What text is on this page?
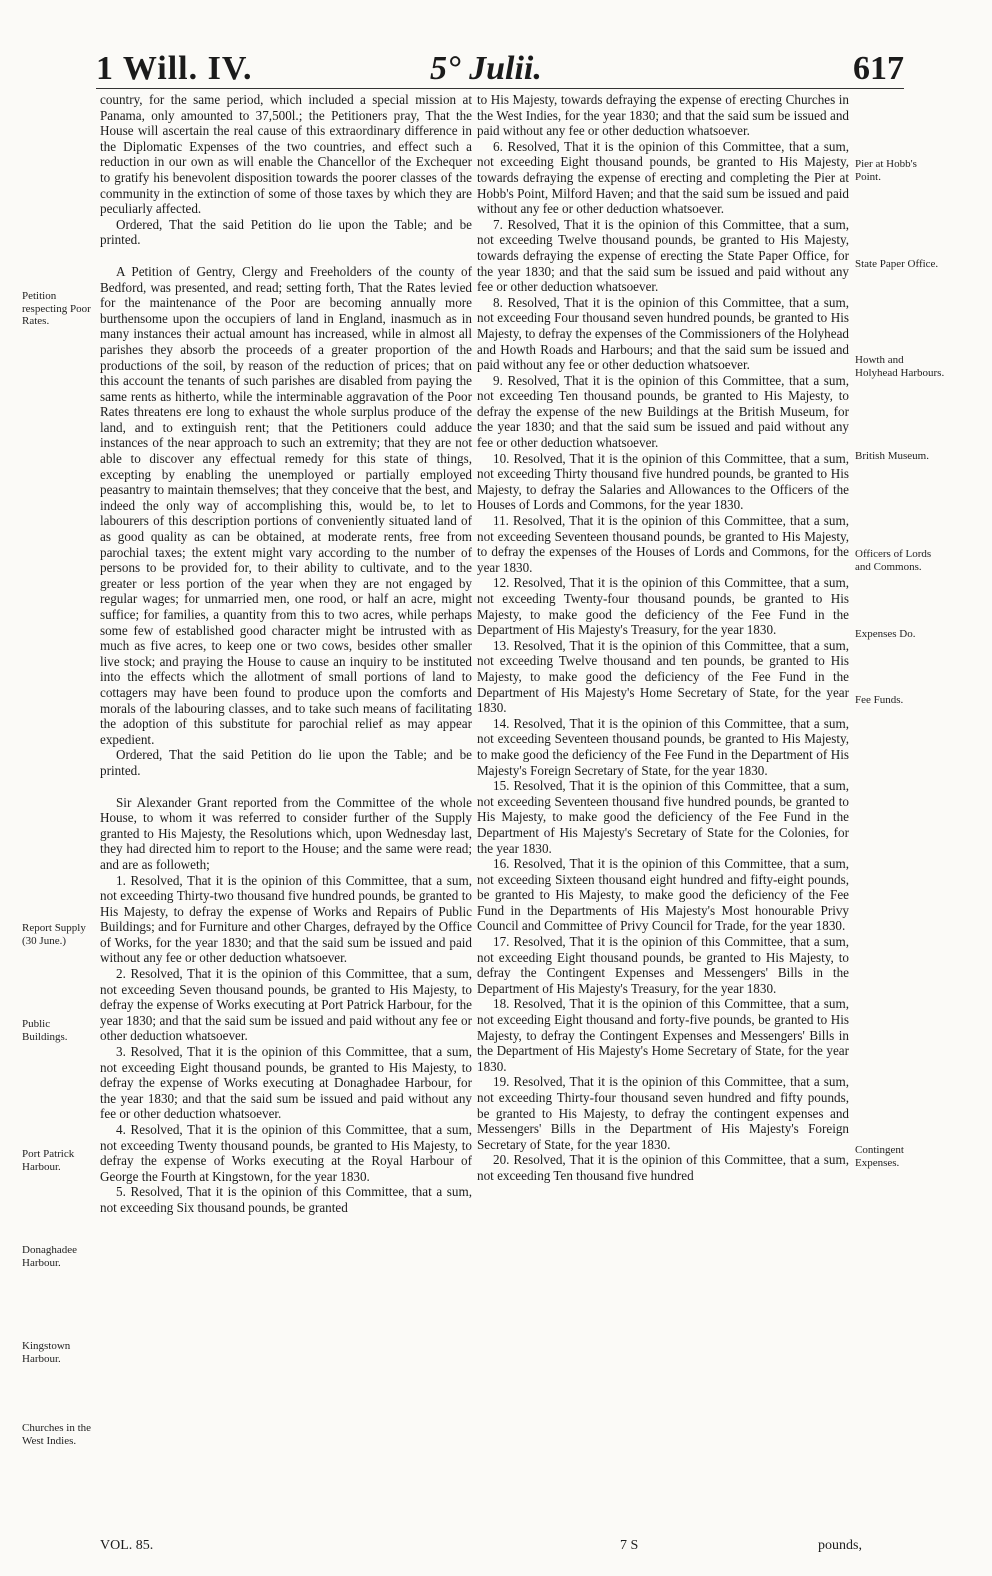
1 Will. IV.	5° Julii.	617

country, for the same period, which included a special mission at Panama, only amounted to 37,500l.; the Petitioners pray, That the House will ascertain the real cause of this extraordinary difference in the Diplomatic Expenses of the two countries, and effect such a reduction in our own as will enable the Chancellor of the Exchequer to gratify his benevolent disposition towards the poorer classes of the community in the extinction of some of those taxes by which they are peculiarly affected.

Ordered, That the said Petition do lie upon the Table; and be printed.

A Petition of Gentry, Clergy and Freeholders of the county of Bedford, was presented, and read; setting forth, That the Rates levied for the maintenance of the Poor are becoming annually more burthensome upon the occupiers of land in England, inasmuch as in many instances their actual amount has increased, while in almost all parishes they absorb the proceeds of a greater proportion of the productions of the soil, by reason of the reduction of prices; that on this account the tenants of such parishes are disabled from paying the same rents as hitherto, while the interminable aggravation of the Poor Rates threatens ere long to exhaust the whole surplus produce of the land, and to extinguish rent; that the Petitioners could adduce instances of the near approach to such an extremity; that they are not able to discover any effectual remedy for this state of things, excepting by enabling the unemployed or partially employed peasantry to maintain themselves; that they conceive that the best, and indeed the only way of accomplishing this, would be, to let to labourers of this description portions of conveniently situated land of as good quality as can be obtained, at moderate rents, free from parochial taxes; the extent might vary according to the number of persons to be provided for, to their ability to cultivate, and to the greater or less portion of the year when they are not engaged by regular wages; for unmarried men, one rood, or half an acre, might suffice; for families, a quantity from this to two acres, while perhaps some few of established good character might be intrusted with as much as five acres, to keep one or two cows, besides other smaller live stock; and praying the House to cause an inquiry to be instituted into the effects which the allotment of small portions of land to cottagers may have been found to produce upon the comforts and morals of the labouring classes, and to take such means of facilitating the adoption of this substitute for parochial relief as may appear expedient.

Ordered, That the said Petition do lie upon the Table; and be printed.

Sir Alexander Grant reported from the Committee of the whole House, to whom it was referred to consider further of the Supply granted to His Majesty, the Resolutions which, upon Wednesday last, they had directed him to report to the House; and the same were read; and are as followeth;

1. Resolved, That it is the opinion of this Committee, that a sum, not exceeding Thirty-two thousand five hundred pounds, be granted to His Majesty, to defray the expense of Works and Repairs of Public Buildings; and for Furniture and other Charges, defrayed by the Office of Works, for the year 1830; and that the said sum be issued and paid without any fee or other deduction whatsoever.

2. Resolved, That it is the opinion of this Committee, that a sum, not exceeding Seven thousand pounds, be granted to His Majesty, to defray the expense of Works executing at Port Patrick Harbour, for the year 1830; and that the said sum be issued and paid without any fee or other deduction whatsoever.

3. Resolved, That it is the opinion of this Committee, that a sum, not exceeding Eight thousand pounds, be granted to His Majesty, to defray the expense of Works executing at Donaghadee Harbour, for the year 1830; and that the said sum be issued and paid without any fee or other deduction whatsoever.

4. Resolved, That it is the opinion of this Committee, that a sum, not exceeding Twenty thousand pounds, be granted to His Majesty, to defray the expense of Works executing at the Royal Harbour of George the Fourth at Kingstown, for the year 1830.

5. Resolved, That it is the opinion of this Committee, that a sum, not exceeding Six thousand pounds, be granted

to His Majesty, towards defraying the expense of erecting Churches in the West Indies, for the year 1830; and that the said sum be issued and paid without any fee or other deduction whatsoever.

6. Resolved, That it is the opinion of this Committee, that a sum, not exceeding Eight thousand pounds, be granted to His Majesty, towards defraying the expense of erecting and completing the Pier at Hobb's Point, Milford Haven; and that the said sum be issued and paid without any fee or other deduction whatsoever.

7. Resolved, That it is the opinion of this Committee, that a sum, not exceeding Twelve thousand pounds, be granted to His Majesty, towards defraying the expense of erecting the State Paper Office, for the year 1830; and that the said sum be issued and paid without any fee or other deduction whatsoever.

8. Resolved, That it is the opinion of this Committee, that a sum, not exceeding Four thousand seven hundred pounds, be granted to His Majesty, to defray the expenses of the Commissioners of the Holyhead and Howth Roads and Harbours; and that the said sum be issued and paid without any fee or other deduction whatsoever.

9. Resolved, That it is the opinion of this Committee, that a sum, not exceeding Ten thousand pounds, be granted to His Majesty, to defray the expense of the new Buildings at the British Museum, for the year 1830; and that the said sum be issued and paid without any fee or other deduction whatsoever.

10. Resolved, That it is the opinion of this Committee, that a sum, not exceeding Thirty thousand five hundred pounds, be granted to His Majesty, to defray the Salaries and Allowances to the Officers of the Houses of Lords and Commons, for the year 1830.

11. Resolved, That it is the opinion of this Committee, that a sum, not exceeding Seventeen thousand pounds, be granted to His Majesty, to defray the expenses of the Houses of Lords and Commons, for the year 1830.

12. Resolved, That it is the opinion of this Committee, that a sum, not exceeding Twenty-four thousand pounds, be granted to His Majesty, to make good the deficiency of the Fee Fund in the Department of His Majesty's Treasury, for the year 1830.

13. Resolved, That it is the opinion of this Committee, that a sum, not exceeding Twelve thousand and ten pounds, be granted to His Majesty, to make good the deficiency of the Fee Fund in the Department of His Majesty's Home Secretary of State, for the year 1830.

14. Resolved, That it is the opinion of this Committee, that a sum, not exceeding Seventeen thousand pounds, be granted to His Majesty, to make good the deficiency of the Fee Fund in the Department of His Majesty's Foreign Secretary of State, for the year 1830.

15. Resolved, That it is the opinion of this Committee, that a sum, not exceeding Seventeen thousand five hundred pounds, be granted to His Majesty, to make good the deficiency of the Fee Fund in the Department of His Majesty's Secretary of State for the Colonies, for the year 1830.

16. Resolved, That it is the opinion of this Committee, that a sum, not exceeding Sixteen thousand eight hundred and fifty-eight pounds, be granted to His Majesty, to make good the deficiency of the Fee Fund in the Departments of His Majesty's Most honourable Privy Council and Committee of Privy Council for Trade, for the year 1830.

17. Resolved, That it is the opinion of this Committee, that a sum, not exceeding Eight thousand pounds, be granted to His Majesty, to defray the Contingent Expenses and Messengers' Bills in the Department of His Majesty's Treasury, for the year 1830.

18. Resolved, That it is the opinion of this Committee, that a sum, not exceeding Eight thousand and forty-five pounds, be granted to His Majesty, to defray the Contingent Expenses and Messengers' Bills in the Department of His Majesty's Home Secretary of State, for the year 1830.

19. Resolved, That it is the opinion of this Committee, that a sum, not exceeding Thirty-four thousand seven hundred and fifty pounds, be granted to His Majesty, to defray the contingent expenses and Messengers' Bills in the Department of His Majesty's Foreign Secretary of State, for the year 1830.

20. Resolved, That it is the opinion of this Committee, that a sum, not exceeding Ten thousand five hundred

Petition respecting Poor Rates.
Report Supply (30 June.)
Public Buildings.
Port Patrick Harbour.
Donaghadee Harbour.
Kingstown Harbour.
Churches in the West Indies.
Pier at Hobb's Point.
State Paper Office.
Howth and Holyhead Harbours.
British Museum.
Officers of Lords and Commons.
Expenses Do.
Fee Funds.
Contingent Expenses.
VOL. 85.	7 S	pounds,
